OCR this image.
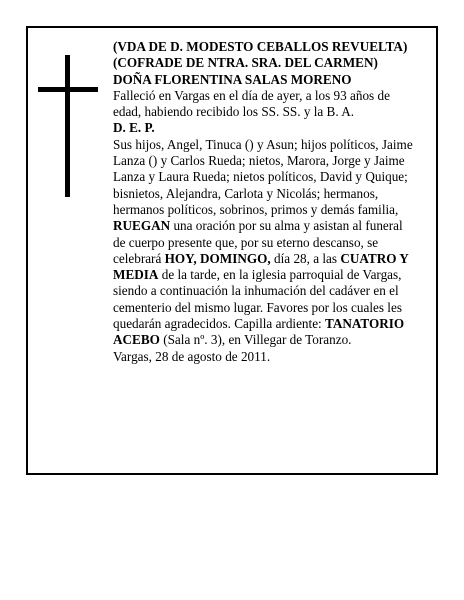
(VDA DE D. MODESTO CEBALLOS REVUELTA) (COFRADE DE NTRA. SRA. DEL CARMEN)

DOÑA FLORENTINA SALAS MORENO

Falleció en Vargas en el día de ayer, a los 93 años de edad, habiendo recibido los SS. SS. y la B. A.

D. E. P.

Sus hijos, Angel, Tinuca () y Asun; hijos políticos, Jaime Lanza () y Carlos Rueda; nietos, Marora, Jorge y Jaime Lanza y Laura Rueda; nietos políticos, David y Quique; bisnietos, Alejandra, Carlota y Nicolás; hermanos, hermanos políticos, sobrinos, primos y demás familia,

RUEGAN una oración por su alma y asistan al funeral de cuerpo presente que, por su eterno descanso, se celebrará HOY, DOMINGO, día 28, a las CUATRO Y MEDIA de la tarde, en la iglesia parroquial de Vargas, siendo a continuación la inhumación del cadáver en el cementerio del mismo lugar. Favores por los cuales les quedarán agradecidos. Capilla ardiente: TANATORIO ACEBO (Sala nº. 3), en Villegar de Toranzo.

Vargas, 28 de agosto de 2011.
